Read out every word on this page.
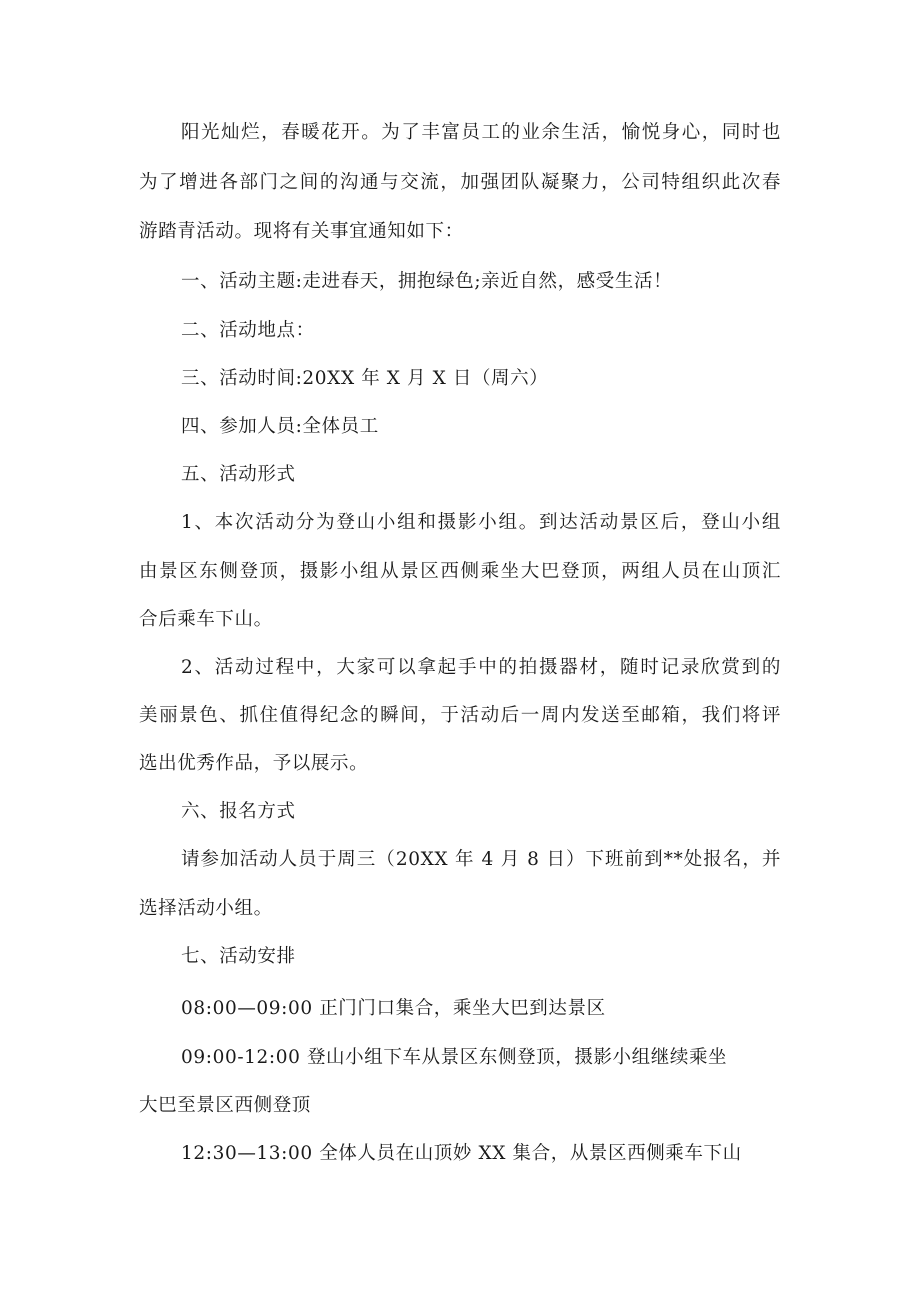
阳光灿烂，春暖花开。为了丰富员工的业余生活，愉悦身心，同时也
为了增进各部门之间的沟通与交流，加强团队凝聚力，公司特组织此次春
游踏青活动。现将有关事宜通知如下：
一、活动主题:走进春天，拥抱绿色;亲近自然，感受生活！
二、活动地点：
三、活动时间:20XX 年 X 月 X 日（周六）
四、参加人员:全体员工
五、活动形式
1、本次活动分为登山小组和摄影小组。到达活动景区后，登山小组
由景区东侧登顶，摄影小组从景区西侧乘坐大巴登顶，两组人员在山顶汇
合后乘车下山。
2、活动过程中，大家可以拿起手中的拍摄器材，随时记录欣赏到的
美丽景色、抓住值得纪念的瞬间，于活动后一周内发送至邮箱，我们将评
选出优秀作品，予以展示。
六、报名方式
请参加活动人员于周三（20XX 年 4 月 8 日）下班前到**处报名，并
选择活动小组。
七、活动安排
08:00—09:00 正门门口集合，乘坐大巴到达景区
09:00-12:00 登山小组下车从景区东侧登顶，摄影小组继续乘坐
大巴至景区西侧登顶
12:30—13:00 全体人员在山顶妙 XX 集合，从景区西侧乘车下山
